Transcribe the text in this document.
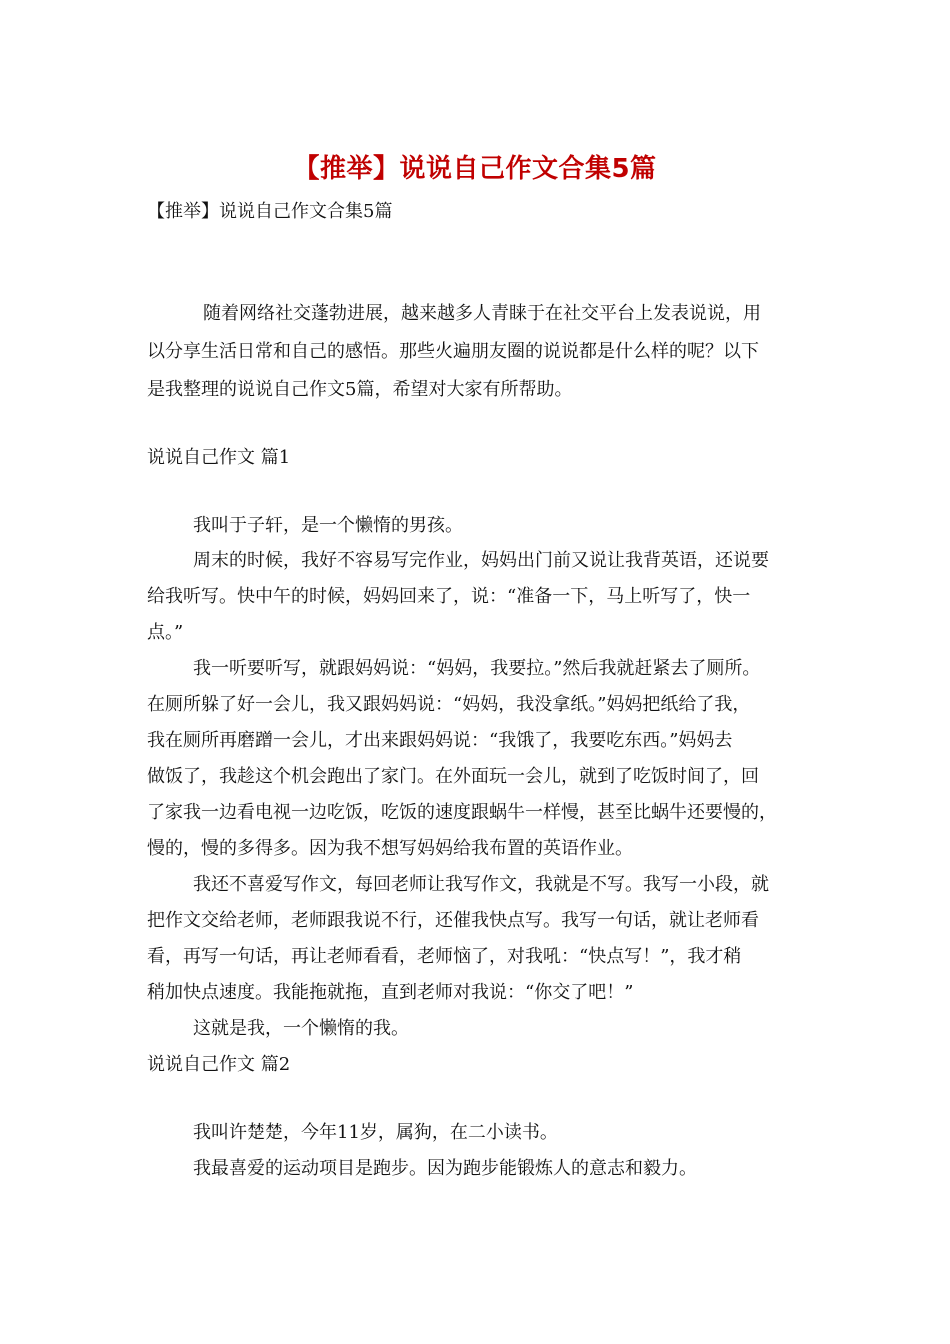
【推举】说说自己作文合集5篇
【推举】说说自己作文合集5篇
随着网络社交蓬勃进展，越来越多人青睐于在社交平台上发表说说，用
以分享生活日常和自己的感悟。那些火遍朋友圈的说说都是什么样的呢？以下
是我整理的说说自己作文5篇，希望对大家有所帮助。
说说自己作文 篇1
我叫于子轩，是一个懒惰的男孩。
周末的时候，我好不容易写完作业，妈妈出门前又说让我背英语，还说要
给我听写。快中午的时候，妈妈回来了，说：“准备一下，马上听写了，快一
点。”
我一听要听写，就跟妈妈说：“妈妈，我要拉。”然后我就赶紧去了厕所。
在厕所躲了好一会儿，我又跟妈妈说：“妈妈，我没拿纸。”妈妈把纸给了我，
我在厕所再磨蹭一会儿，才出来跟妈妈说：“我饿了，我要吃东西。”妈妈去
做饭了，我趁这个机会跑出了家门。在外面玩一会儿，就到了吃饭时间了，回
了家我一边看电视一边吃饭，吃饭的速度跟蜗牛一样慢，甚至比蜗牛还要慢的，
慢的，慢的多得多。因为我不想写妈妈给我布置的英语作业。
我还不喜爱写作文，每回老师让我写作文，我就是不写。我写一小段，就
把作文交给老师，老师跟我说不行，还催我快点写。我写一句话，就让老师看
看，再写一句话，再让老师看看，老师恼了，对我吼：“快点写！”，我才稍
稍加快点速度。我能拖就拖，直到老师对我说：“你交了吧！”
这就是我，一个懒惰的我。
说说自己作文 篇2
我叫许楚楚，今年11岁，属狗，在二小读书。
我最喜爱的运动项目是跑步。因为跑步能锻炼人的意志和毅力。
